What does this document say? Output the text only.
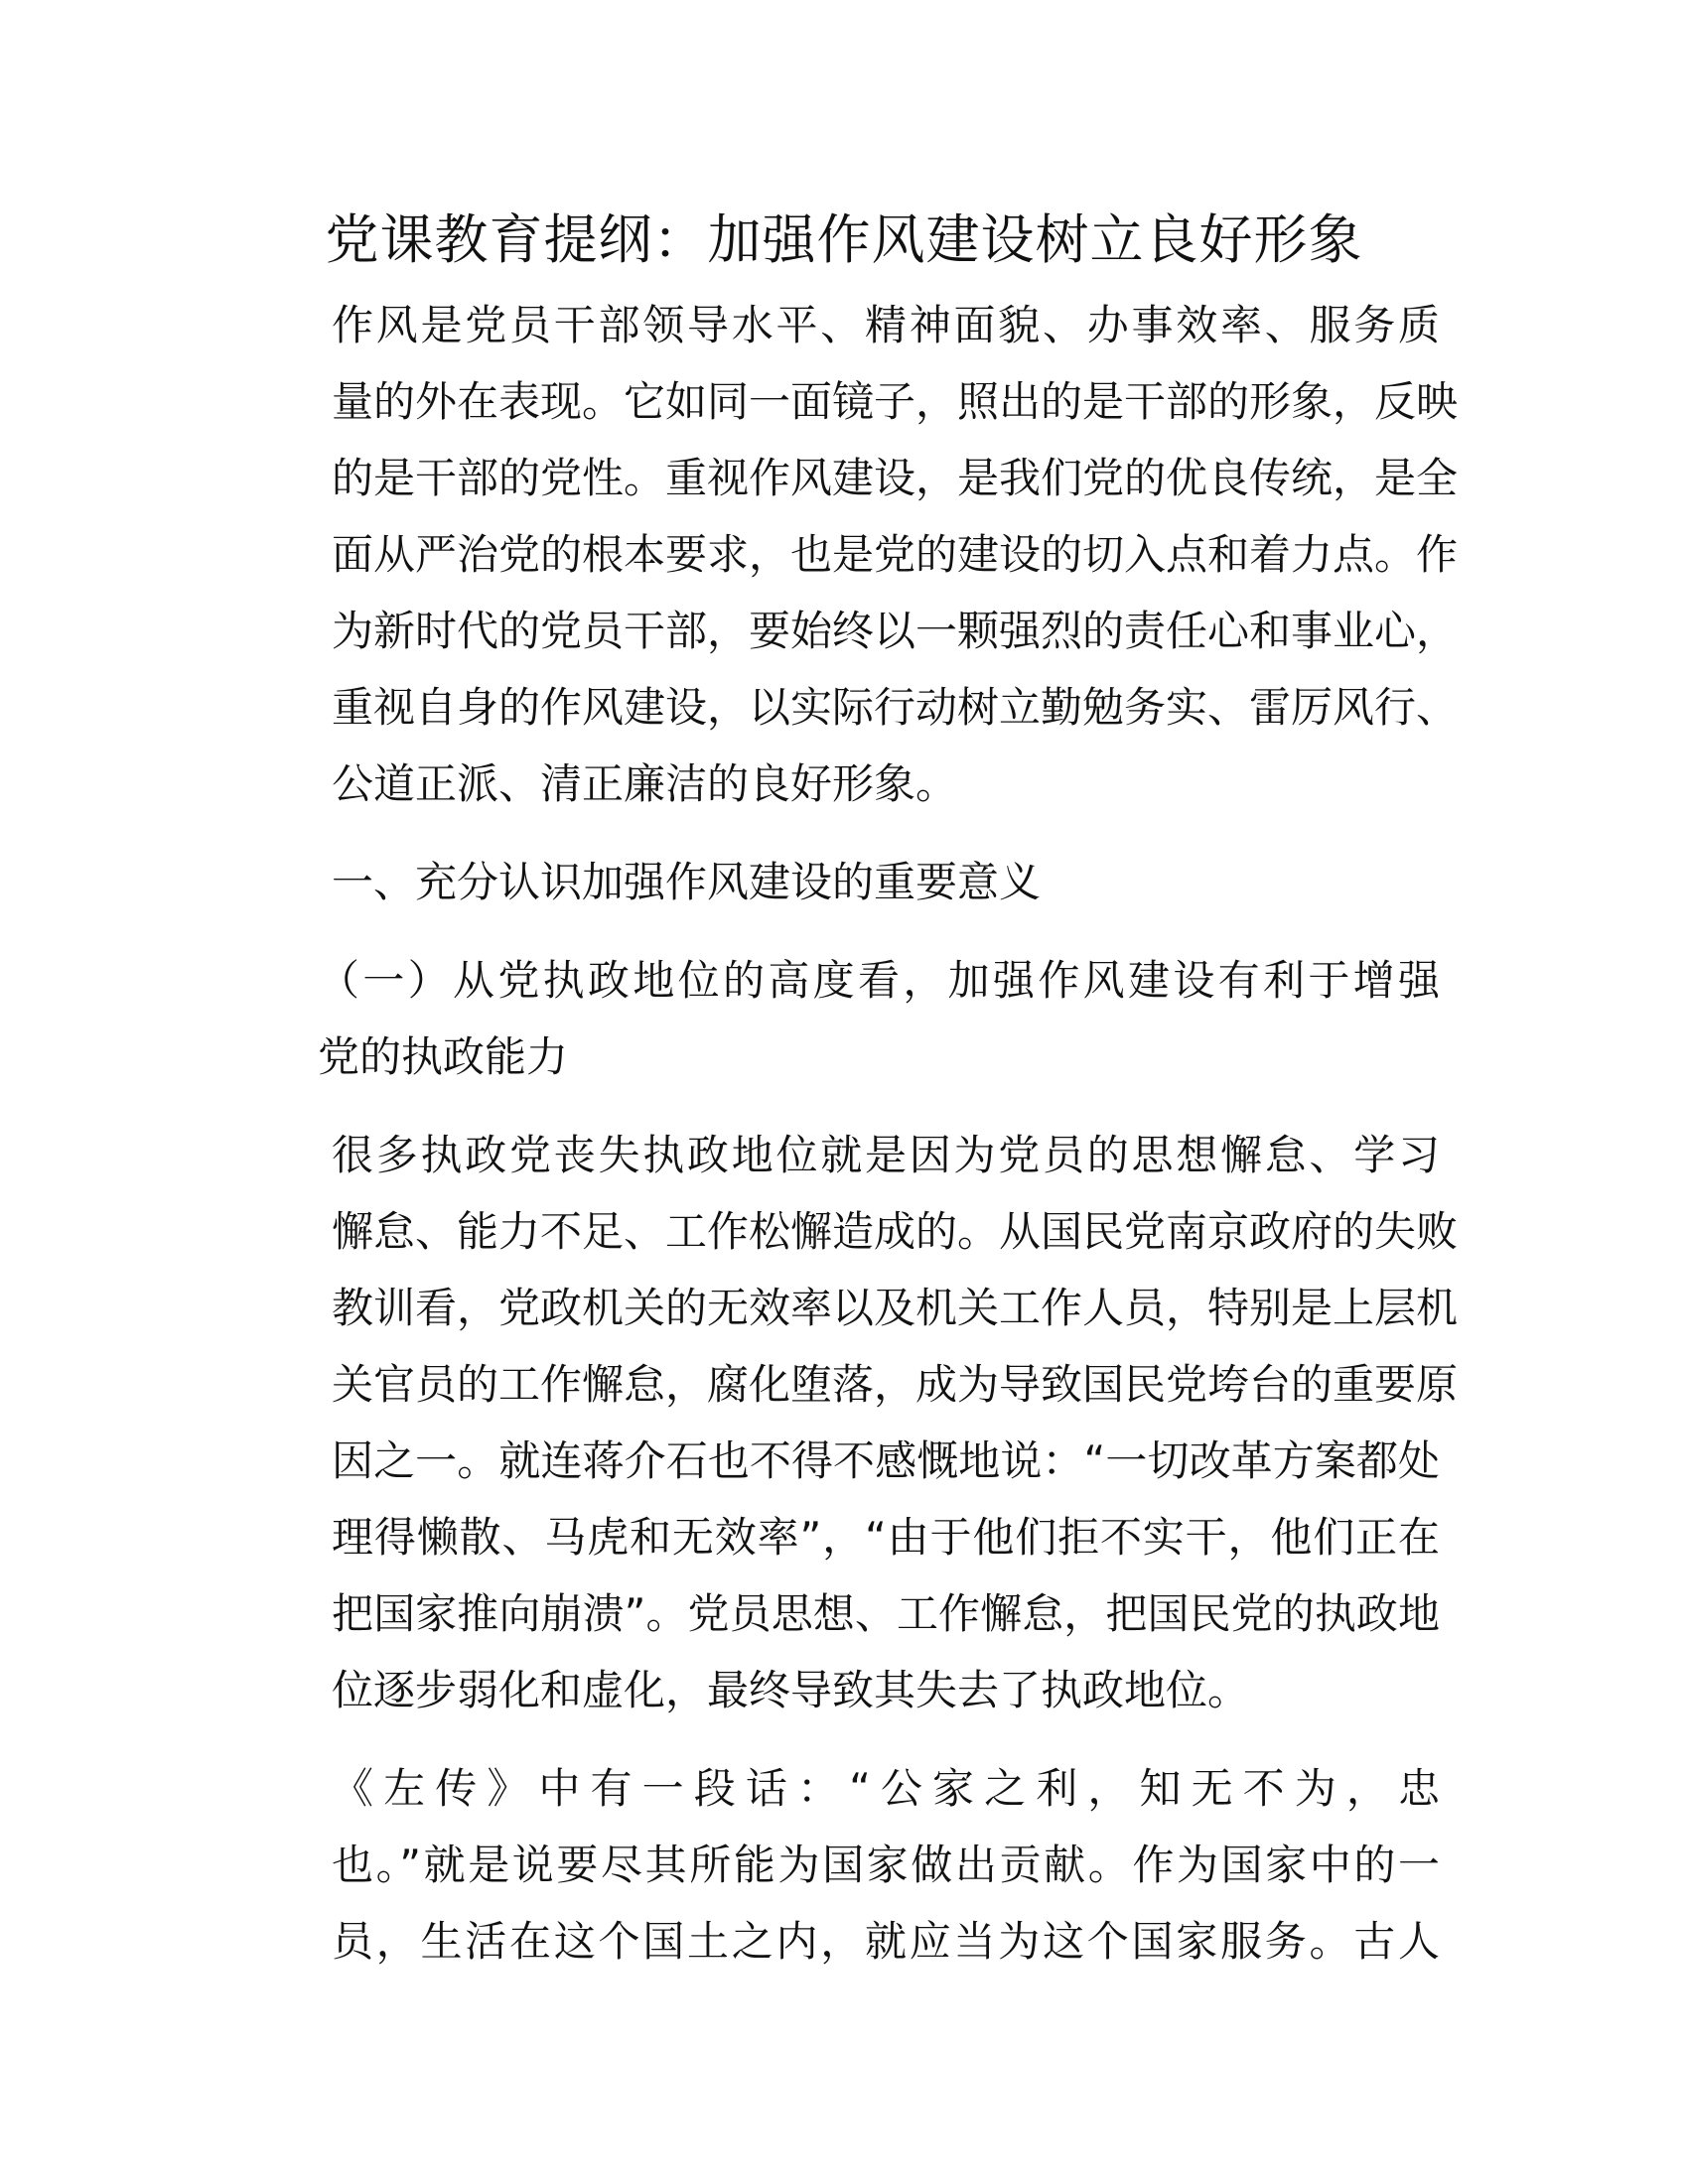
党课教育提纲：加强作风建设树立良好形象
作风是党员干部领导水平、精神面貌、办事效率、服务质
量的外在表现。它如同一面镜子，照出的是干部的形象，反映
的是干部的党性。重视作风建设，是我们党的优良传统，是全
面从严治党的根本要求，也是党的建设的切入点和着力点。作
为新时代的党员干部，要始终以一颗强烈的责任心和事业心，
重视自身的作风建设，以实际行动树立勤勉务实、雷厉风行、
公道正派、清正廉洁的良好形象。
一、充分认识加强作风建设的重要意义
（一）从党执政地位的高度看，加强作风建设有利于增强
党的执政能力
很多执政党丧失执政地位就是因为党员的思想懈怠、学习
懈怠、能力不足、工作松懈造成的。从国民党南京政府的失败
教训看，党政机关的无效率以及机关工作人员，特别是上层机
关官员的工作懈怠，腐化堕落，成为导致国民党垮台的重要原
因之一。就连蒋介石也不得不感慨地说：“一切改革方案都处
理得懒散、马虎和无效率”，“由于他们拒不实干，他们正在
把国家推向崩溃”。党员思想、工作懈怠，把国民党的执政地
位逐步弱化和虚化，最终导致其失去了执政地位。
《左传》中有一段话：“公家之利，知无不为，忠
也。”就是说要尽其所能为国家做出贡献。作为国家中的一
员，生活在这个国土之内，就应当为这个国家服务。古人
